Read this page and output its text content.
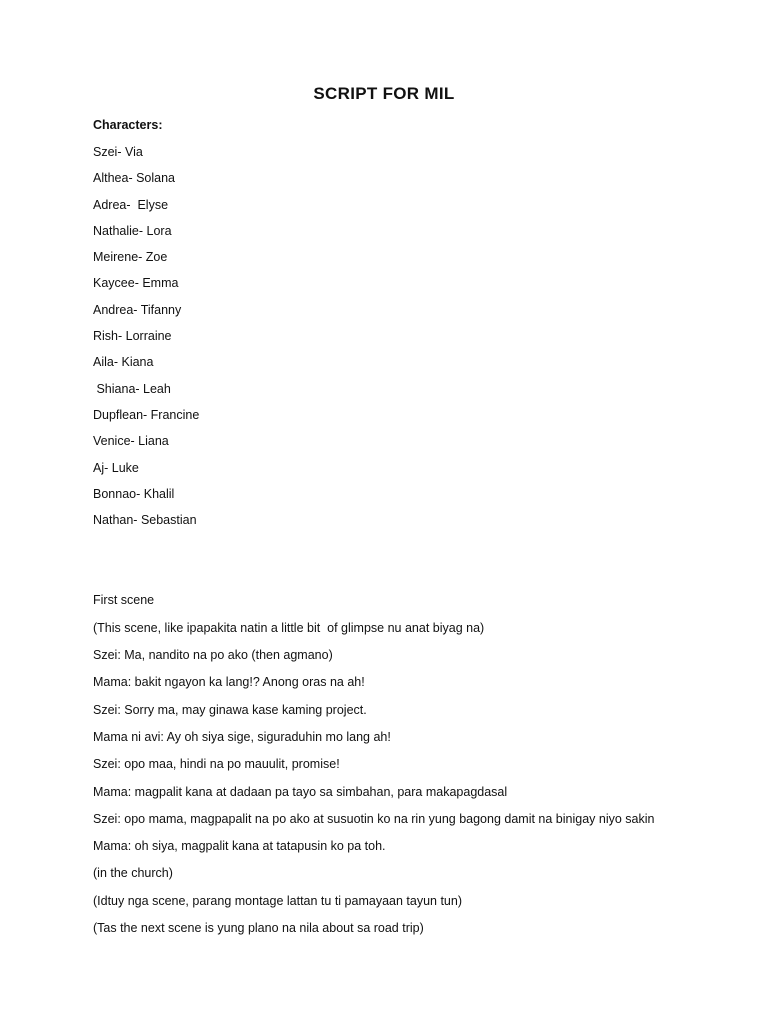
SCRIPT FOR MIL
Characters:
Szei- Via
Althea- Solana
Adrea-  Elyse
Nathalie- Lora
Meirene- Zoe
Kaycee- Emma
Andrea- Tifanny
Rish- Lorraine
Aila- Kiana
Shiana- Leah
Dupflean- Francine
Venice- Liana
Aj- Luke
Bonnao- Khalil
Nathan- Sebastian
First scene
(This scene, like ipapakita natin a little bit  of glimpse nu anat biyag na)
Szei: Ma, nandito na po ako (then agmano)
Mama: bakit ngayon ka lang!? Anong oras na ah!
Szei: Sorry ma, may ginawa kase kaming project.
Mama ni avi: Ay oh siya sige, siguraduhin mo lang ah!
Szei: opo maa, hindi na po mauulit, promise!
Mama: magpalit kana at dadaan pa tayo sa simbahan, para makapagdasal
Szei: opo mama, magpapalit na po ako at susuotin ko na rin yung bagong damit na binigay niyo sakin
Mama: oh siya, magpalit kana at tatapusin ko pa toh.
(in the church)
(Idtuy nga scene, parang montage lattan tu ti pamayaan tayun tun)
(Tas the next scene is yung plano na nila about sa road trip)
